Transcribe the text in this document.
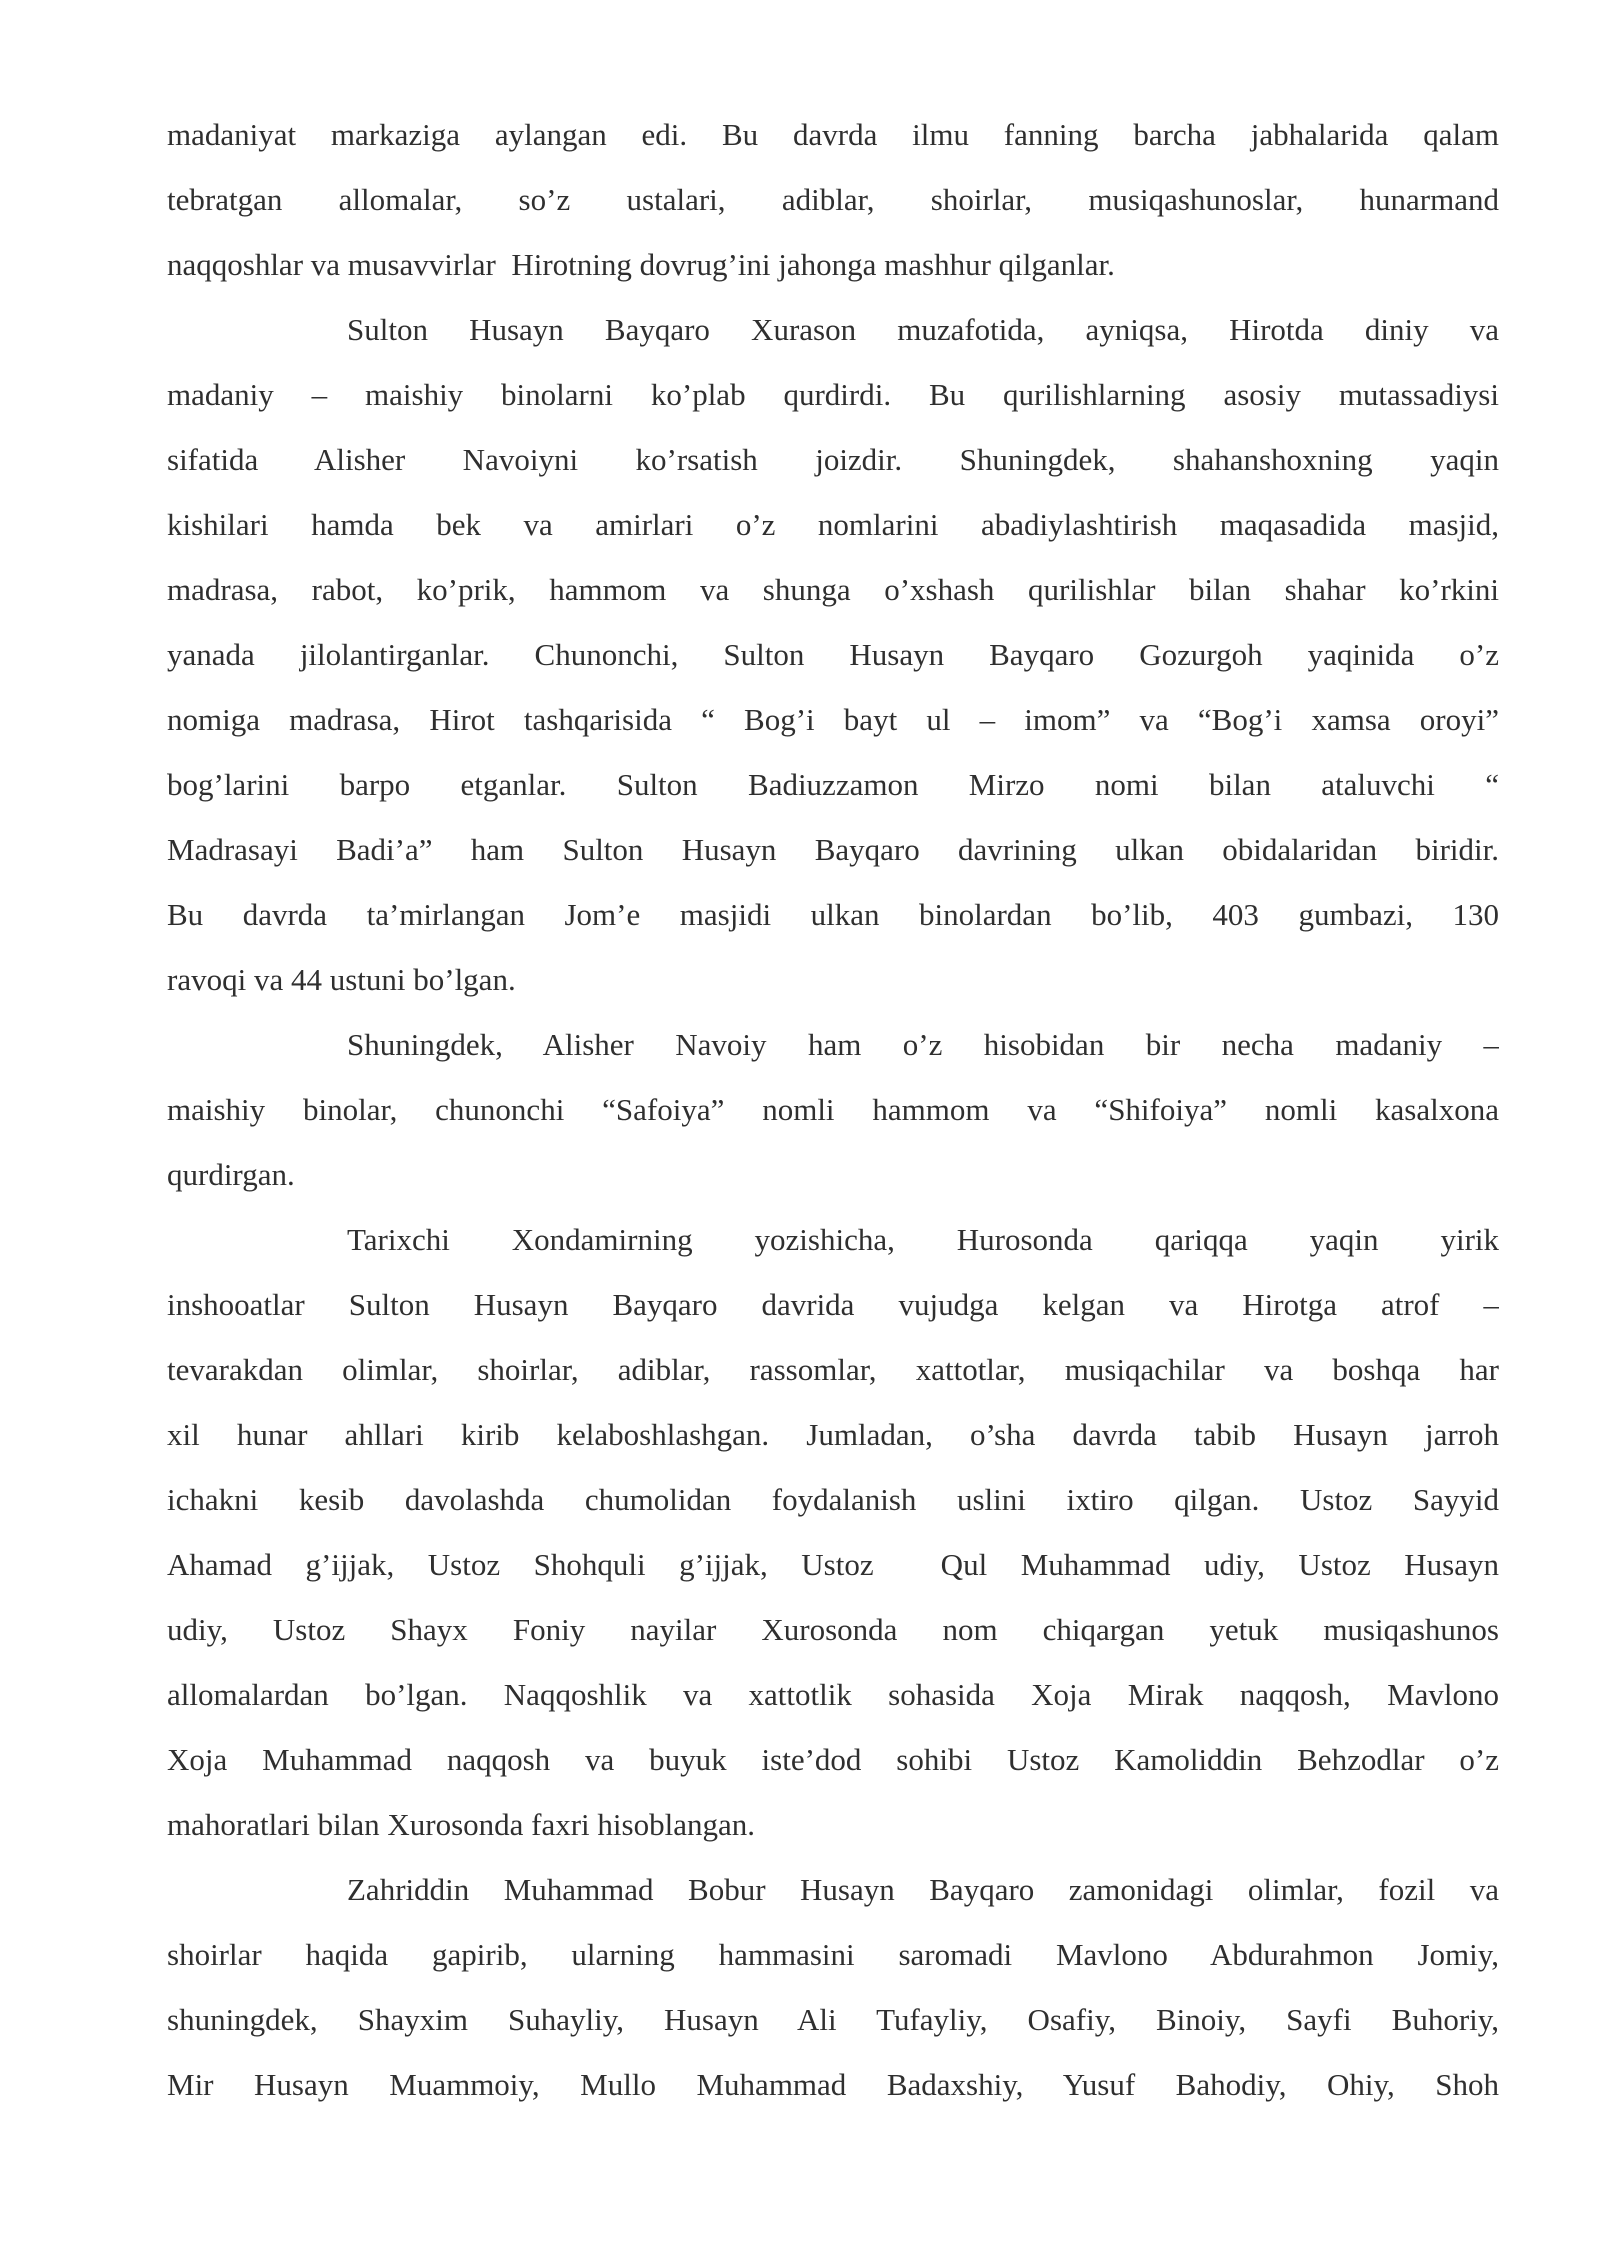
madaniyat markaziga aylangan edi. Bu davrda ilmu fanning barcha jabhalarida qalam
tebratgan allomalar, so’z ustalari, adiblar, shoirlar, musiqashunoslar, hunarmand
naqqoshlar va musavvirlar  Hirotning dovrug’ini jahonga mashhur qilganlar.
Sulton Husayn Bayqaro Xurason muzafotida, ayniqsa, Hirotda diniy va
madaniy – maishiy binolarni ko’plab qurdirdi. Bu qurilishlarning asosiy mutassadiysi
sifatida Alisher Navoiyni ko’rsatish joizdir. Shuningdek, shahanshoxning yaqin
kishilari hamda bek va amirlari o’z nomlarini abadiylashtirish maqasadida masjid,
madrasa, rabot, ko’prik, hammom va shunga o’xshash qurilishlar bilan shahar ko’rkini
yanada jilolantirganlar. Chunonchi, Sulton Husayn Bayqaro Gozurgoh yaqinida o’z
nomiga madrasa, Hirot tashqarisida “ Bog’i bayt ul – imom” va “Bog’i xamsa oroyi”
bog’larini barpo etganlar. Sulton Badiuzzamon Mirzo nomi bilan ataluvchi “
Madrasayi Badi’a” ham Sulton Husayn Bayqaro davrining ulkan obidalaridan biridir.
Bu davrda ta’mirlangan Jom’e masjidi ulkan binolardan bo’lib, 403 gumbazi, 130
ravoqi va 44 ustuni bo’lgan.
Shuningdek, Alisher Navoiy ham o’z hisobidan bir necha madaniy –
maishiy binolar, chunonchi “Safoiya” nomli hammom va “Shifoiya” nomli kasalxona
qurdirgan.
Tarixchi Xondamirning yozishicha, Hurosonda qariqqa yaqin yirik
inshooatlar Sulton Husayn Bayqaro davrida vujudga kelgan va Hirotga atrof –
tevarakdan olimlar, shoirlar, adiblar, rassomlar, xattotlar, musiqachilar va boshqa har
xil hunar ahllari kirib kelaboshlashgan. Jumladan, o’sha davrda tabib Husayn jarroh
ichakni kesib davolashda chumolidan foydalanish uslini ixtiro qilgan. Ustoz Sayyid
Ahamad g’ijjak, Ustoz Shohquli g’ijjak, Ustoz  Qul Muhammad udiy, Ustoz Husayn
udiy, Ustoz Shayx Foniy nayilar Xurosonda nom chiqargan yetuk musiqashunos
allomalardan bo’lgan. Naqqoshlik va xattotlik sohasida Xoja Mirak naqqosh, Mavlono
Xoja Muhammad naqqosh va buyuk iste’dod sohibi Ustoz Kamoliddin Behzodlar o’z
mahoratlari bilan Xurosonda faxri hisoblangan.
Zahriddin Muhammad Bobur Husayn Bayqaro zamonidagi olimlar, fozil va
shoirlar haqida gapirib, ularning hammasini saromadi Mavlono Abdurahmon Jomiy,
shuningdek, Shayxim Suhayliy, Husayn Ali Tufayliy, Osafiy, Binoiy, Sayfi Buhoriy,
Mir Husayn Muammoiy, Mullo Muhammad Badaxshiy, Yusuf Bahodiy, Ohiy, Shoh
